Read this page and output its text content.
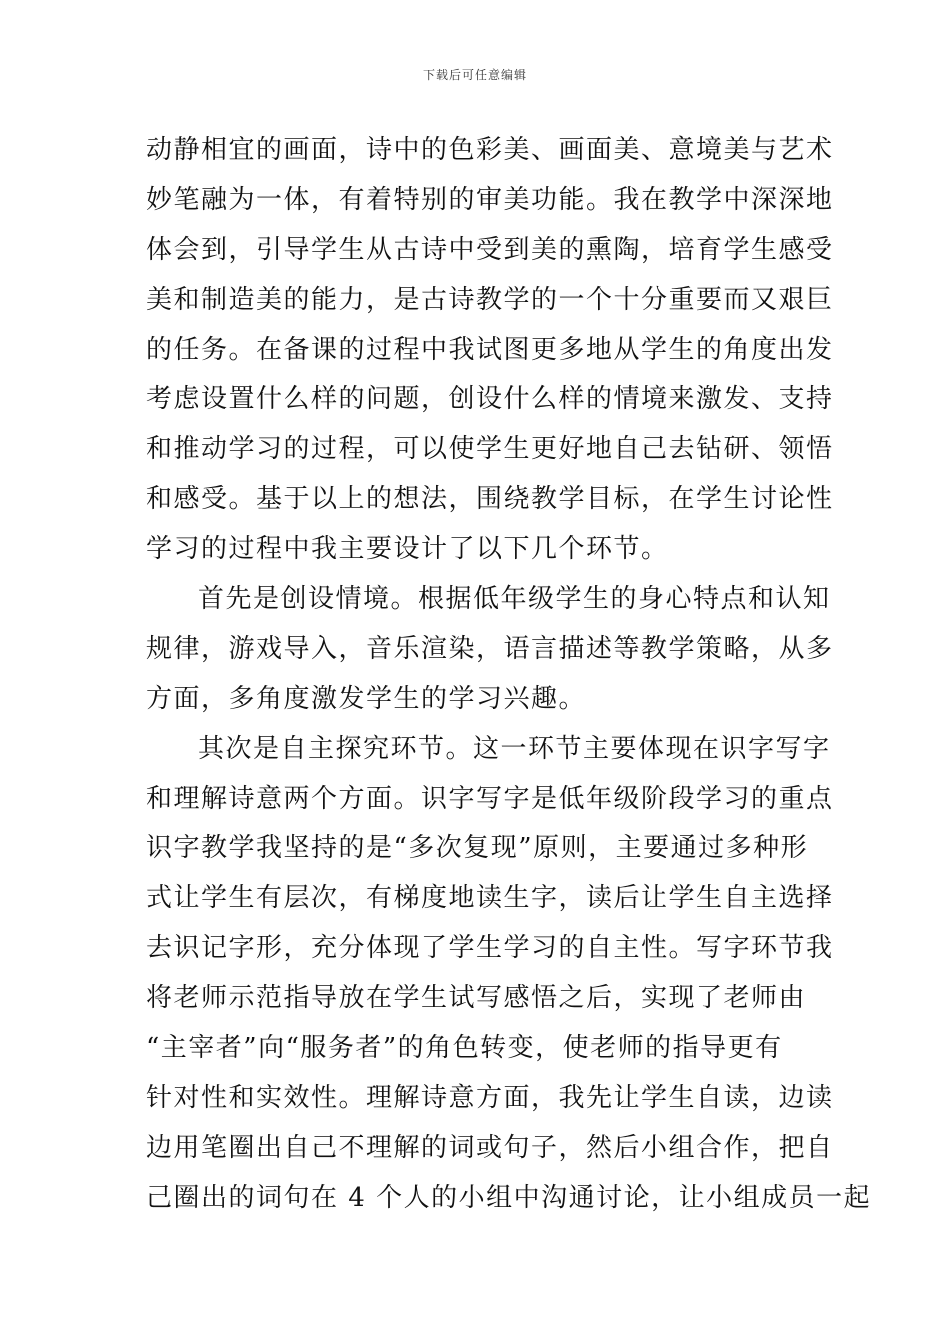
下载后可任意编辑
动静相宜的画面，诗中的色彩美、画面美、意境美与艺术
妙笔融为一体，有着特别的审美功能。我在教学中深深地
体会到，引导学生从古诗中受到美的熏陶，培育学生感受
美和制造美的能力，是古诗教学的一个十分重要而又艰巨
的任务。在备课的过程中我试图更多地从学生的角度出发
考虑设置什么样的问题，创设什么样的情境来激发、支持
和推动学习的过程，可以使学生更好地自己去钻研、领悟
和感受。基于以上的想法，围绕教学目标，在学生讨论性
学习的过程中我主要设计了以下几个环节。
首先是创设情境。根据低年级学生的身心特点和认知
规律，游戏导入，音乐渲染，语言描述等教学策略，从多
方面，多角度激发学生的学习兴趣。
其次是自主探究环节。这一环节主要体现在识字写字
和理解诗意两个方面。识字写字是低年级阶段学习的重点
识字教学我坚持的是“多次复现”原则，主要通过多种形
式让学生有层次，有梯度地读生字，读后让学生自主选择
去识记字形，充分体现了学生学习的自主性。写字环节我
将老师示范指导放在学生试写感悟之后，实现了老师由
“主宰者”向“服务者”的角色转变，使老师的指导更有
针对性和实效性。理解诗意方面，我先让学生自读，边读
边用笔圈出自己不理解的词或句子，然后小组合作，把自
己圈出的词句在 4 个人的小组中沟通讨论，让小组成员一起
